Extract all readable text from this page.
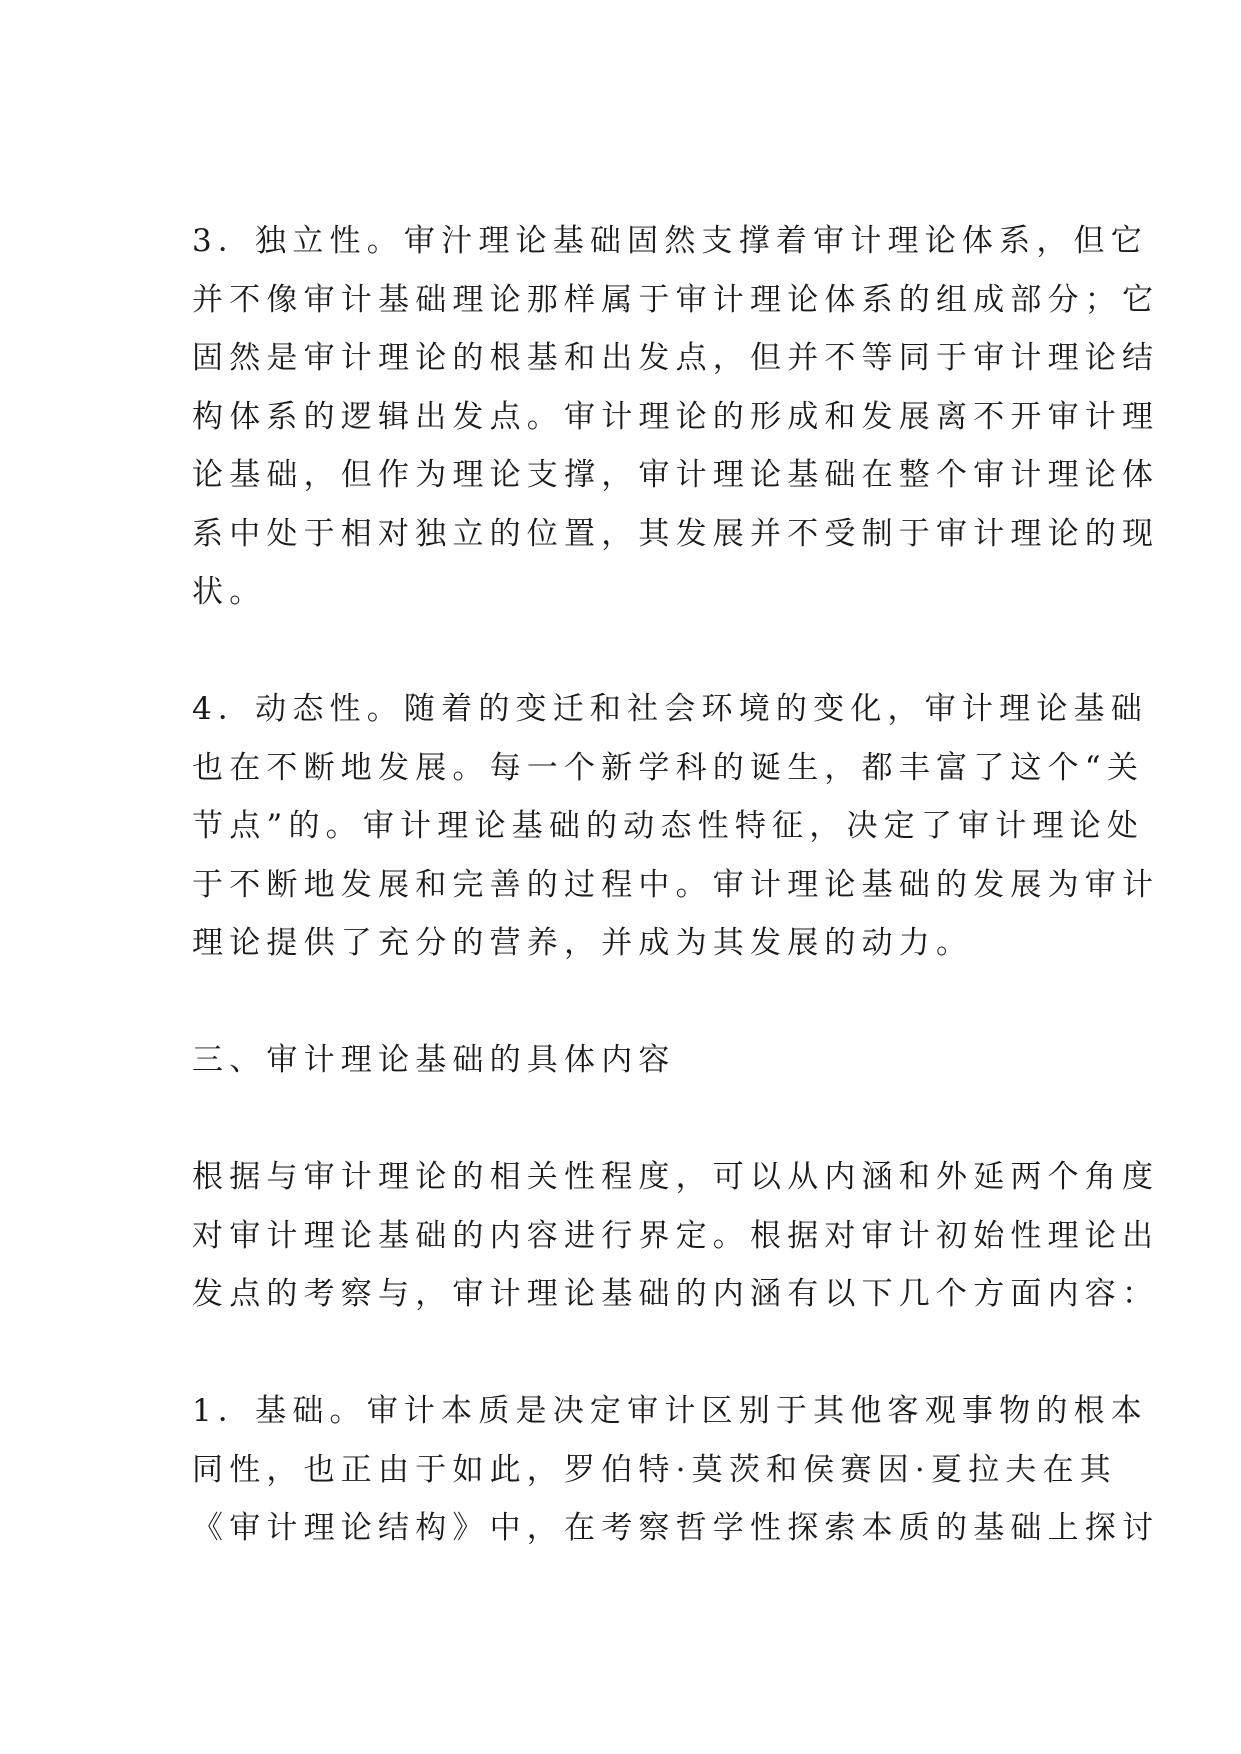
3．独立性。审汁理论基础固然支撑着审计理论体系，但它
并不像审计基础理论那样属于审计理论体系的组成部分；它
固然是审计理论的根基和出发点，但并不等同于审计理论结
构体系的逻辑出发点。审计理论的形成和发展离不开审计理
论基础，但作为理论支撑，审计理论基础在整个审计理论体
系中处于相对独立的位置，其发展并不受制于审计理论的现
状。

4．动态性。随着的变迁和社会环境的变化，审计理论基础
也在不断地发展。每一个新学科的诞生，都丰富了这个“关
节点”的。审计理论基础的动态性特征，决定了审计理论处
于不断地发展和完善的过程中。审计理论基础的发展为审计
理论提供了充分的营养，并成为其发展的动力。

三、审计理论基础的具体内容

根据与审计理论的相关性程度，可以从内涵和外延两个角度
对审计理论基础的内容进行界定。根据对审计初始性理论出
发点的考察与，审计理论基础的内涵有以下几个方面内容：

1．基础。审计本质是决定审计区别于其他客观事物的根本
同性，也正由于如此，罗伯特·莫茨和侯赛因·夏拉夫在其
《审计理论结构》中，在考察哲学性探索本质的基础上探讨
